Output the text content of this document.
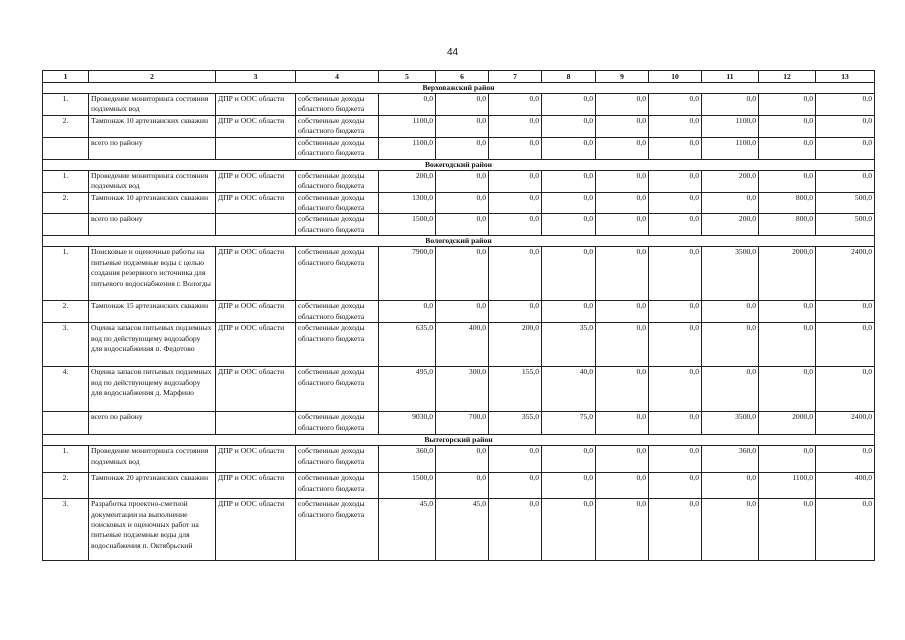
44
1	2	3	4	5	6	7	8	9	10	11	12	13
Верховажский район												
1.	Проведение мониторинга состояния подземных вод	ДПР и ООС области	собственные доходы областного бюджета	0,0	0,0	0,0	0,0	0,0	0,0	0,0	0,0	0,0
2.	Тампонаж 10 артезианских скважин	ДПР и ООС области	собственные доходы областного бюджета	1100,0	0,0	0,0	0,0	0,0	0,0	1100,0	0,0	0,0
	всего по району		собственные доходы областного бюджета	1100,0	0,0	0,0	0,0	0,0	0,0	1100,0	0,0	0,0
Вожегодский район												
1.	Проведение мониторинга состояния подземных вод	ДПР и ООС области	собственные доходы областного бюджета	200,0	0,0	0,0	0,0	0,0	0,0	200,0	0,0	0,0
2.	Тампонаж 10 артезианских скважин	ДПР и ООС области	собственные доходы областного бюджета	1300,0	0,0	0,0	0,0	0,0	0,0	0,0	800,0	500,0
	всего по району		собственные доходы областного бюджета	1500,0	0,0	0,0	0,0	0,0	0,0	200,0	800,0	500,0
Вологодский район												
1.	Поисковые и оценочные работы на питьевые подземные воды с целью создания резервного источника для питьевого водоснабжения г. Вологды	ДПР и ООС области	собственные доходы областного бюджета	7900,0	0,0	0,0	0,0	0,0	0,0	3500,0	2000,0	2400,0
2.	Тампонаж 15 артезианских скважин	ДПР и ООС области	собственные доходы областного бюджета	0,0	0,0	0,0	0,0	0,0	0,0	0,0	0,0	0,0
3.	Оценка запасов питьевых подземных вод по действующему водозабору для водоснабжения п. Федотово	ДПР и ООС области	собственные доходы областного бюджета	635,0	400,0	200,0	35,0	0,0	0,0	0,0	0,0	0,0
4.	Оценка запасов питьевых подземных вод по действующему водозабору для водоснабжения д. Марфино	ДПР и ООС области	собственные доходы областного бюджета	495,0	300,0	155,0	40,0	0,0	0,0	0,0	0,0	0,0
	всего по району		собственные доходы областного бюджета	9030,0	700,0	355,0	75,0	0,0	0,0	3500,0	2000,0	2400,0
Вытегорский район												
1.	Проведение мониторинга состояния подземных вод	ДПР и ООС области	собственные доходы областного бюджета	360,0	0,0	0,0	0,0	0,0	0,0	360,0	0,0	0,0
2.	Тампонаж 20 артезианских скважин	ДПР и ООС области	собственные доходы областного бюджета	1500,0	0,0	0,0	0,0	0,0	0,0	0,0	1100,0	400,0
3.	Разработка проектно-сметной документации на выполнение поисковых и оценочных работ на питьевые подземные воды для водоснабжения п. Октябрьский	ДПР и ООС области	собственные доходы областного бюджета	45,0	45,0	0,0	0,0	0,0	0,0	0,0	0,0	0,0
